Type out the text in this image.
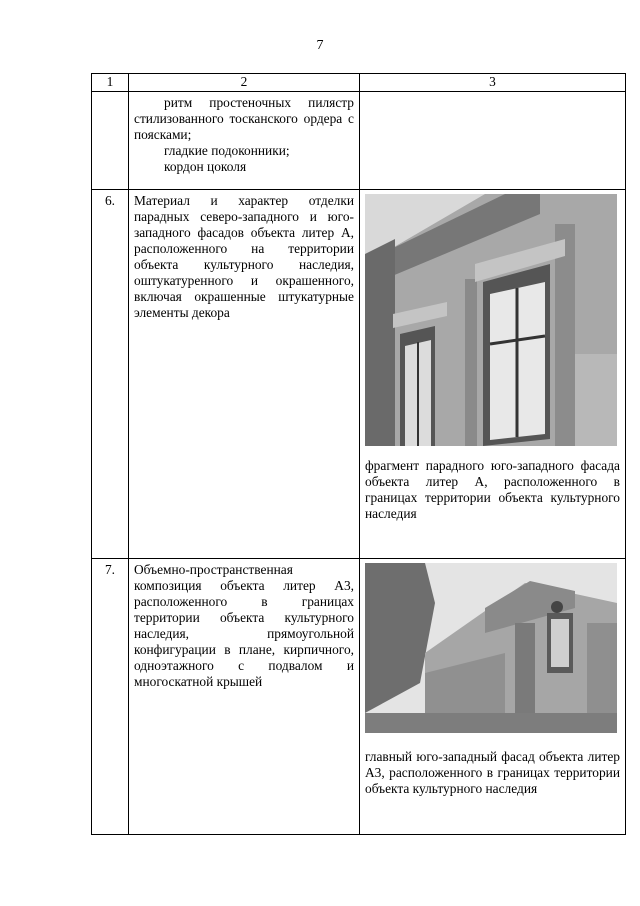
7
1	2	3

	ритм простеночных пилястр стилизованного тосканского ордера с поясками;
гладкие подоконники;
кордон цоколя	

6.	Материал и характер отделки парадных северо-западного и юго-западного фасадов объекта литер А, расположенного на территории объекта культурного наследия, оштукатуренного и окрашенного, включая окрашенные штукатурные элементы декора	фрагмент парадного юго-западного фасада объекта литер А, расположенного в границах территории объекта культурного наследия

7.	Объемно-пространственная композиция объекта литер А3, расположенного в границах территории объекта культурного наследия, прямоугольной конфигурации в плане, кирпичного, одноэтажного с подвалом и многоскатной крышей	главный юго-западный фасад объекта литер А3, расположенного в границах территории объекта культурного наследия
